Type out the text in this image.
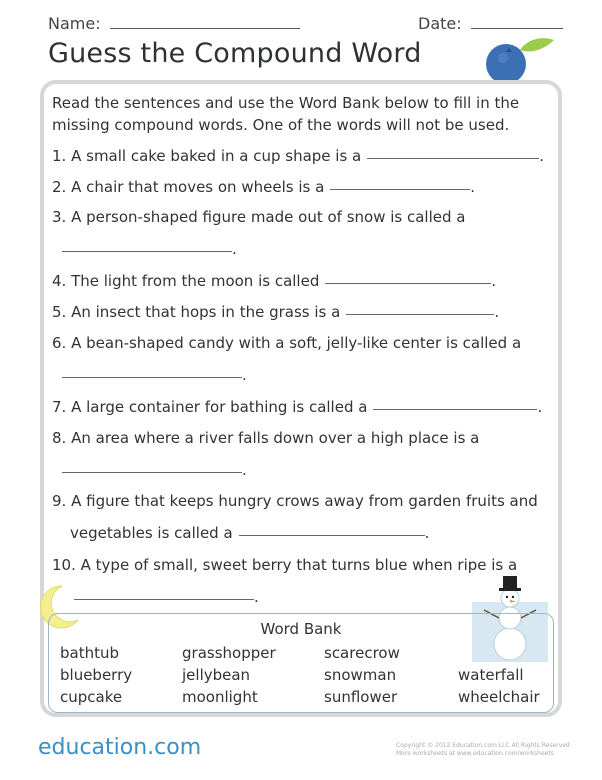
Name:	Date:
Guess the Compound Word
Read the sentences and use the Word Bank below to fill in the missing compound words. One of the words will not be used.
1. A small cake baked in a cup shape is a	.
2. A chair that moves on wheels is a	.
3. A person-shaped figure made out of snow is called a
.
4. The light from the moon is called	.
5. An insect that hops in the grass is a	.
6. A bean-shaped candy with a soft, jelly-like center is called a
.
7. A large container for bathing is called a	.
8. An area where a river falls down over a high place is a
.
9. A figure that keeps hungry crows away from garden fruits and
vegetables is called a	.
10. A type of small, sweet berry that turns blue when ripe is a
.
Word Bank
bathtub	grasshopper	scarecrow
blueberry	jellybean	snowman	waterfall
cupcake	moonlight	sunflower	wheelchair
education.com	Copyright © 2012 Education.com LLC All Rights Reserved
More worksheets at www.education.com/worksheets
